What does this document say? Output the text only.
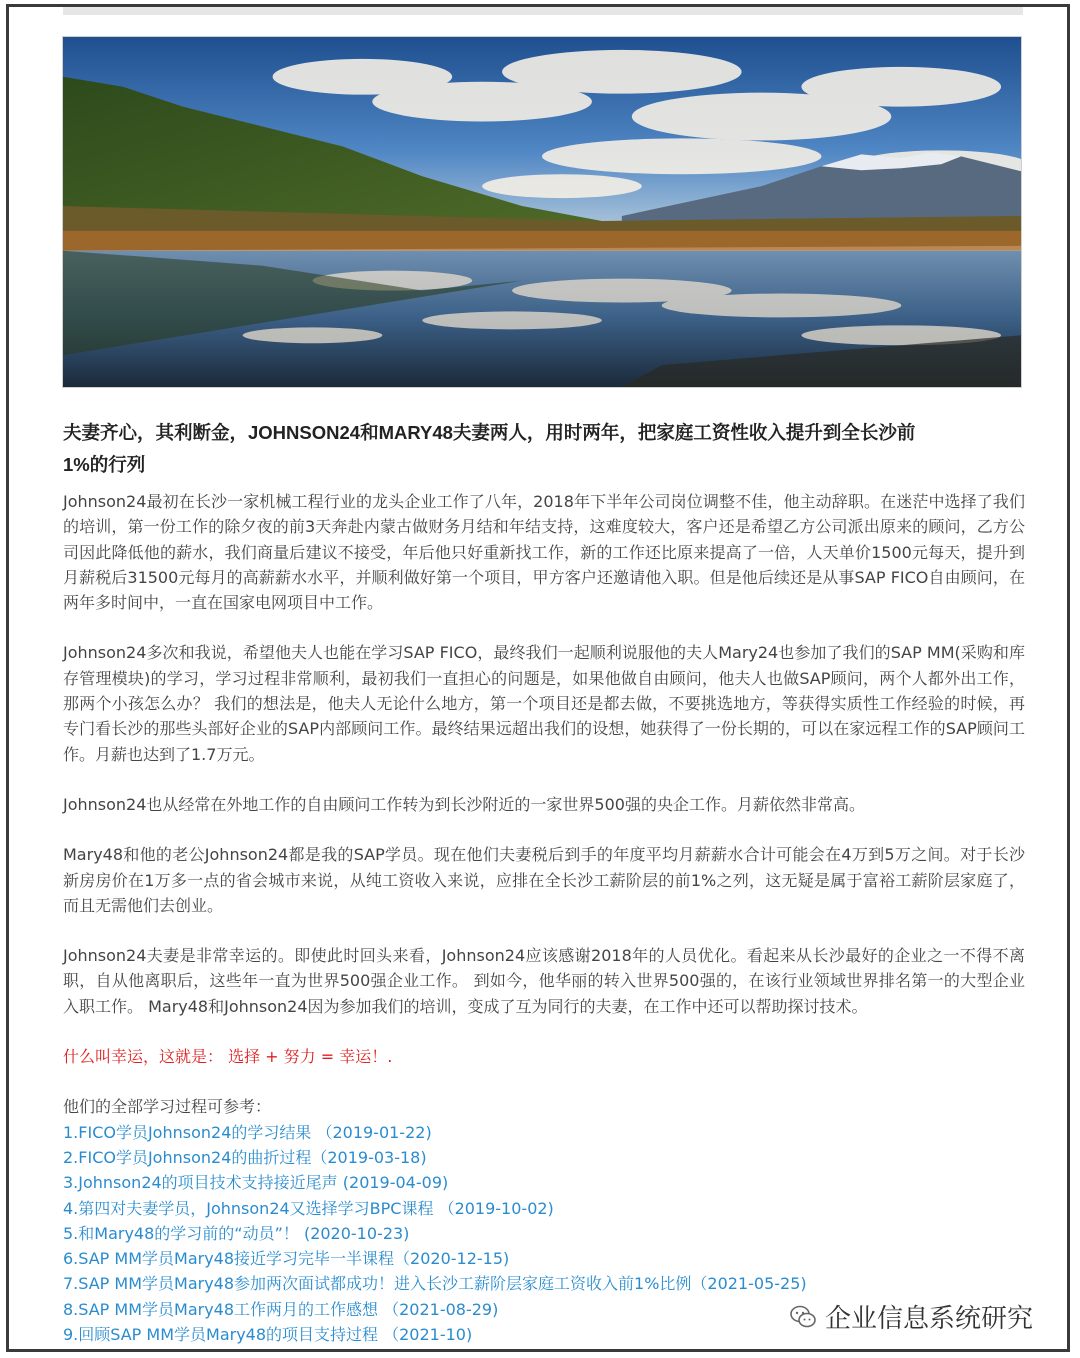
夫妻齐心，其利断金，JOHNSON24和MARY48夫妻两人，用时两年，把家庭工资性收入提升到全长沙前
1%的行列

Johnson24最初在长沙一家机械工程行业的龙头企业工作了八年，2018年下半年公司岗位调整不佳，他主动辞职。在迷茫中选择了我们的培训，第一份工作的除夕夜的前3天奔赴内蒙古做财务月结和年结支持，这难度较大，客户还是希望乙方公司派出原来的顾问，乙方公司因此降低他的薪水，我们商量后建议不接受，年后他只好重新找工作，新的工作还比原来提高了一倍，人天单价1500元每天，提升到月薪税后31500元每月的高薪薪水水平，并顺利做好第一个项目，甲方客户还邀请他入职。但是他后续还是从事SAP FICO自由顾问，在两年多时间中，一直在国家电网项目中工作。

Johnson24多次和我说，希望他夫人也能在学习SAP FICO，最终我们一起顺利说服他的夫人Mary24也参加了我们的SAP MM(采购和库存管理模块)的学习，学习过程非常顺利，最初我们一直担心的问题是，如果他做自由顾问，他夫人也做SAP顾问，两个人都外出工作，那两个小孩怎么办？ 我们的想法是，他夫人无论什么地方，第一个项目还是都去做，不要挑选地方，等获得实质性工作经验的时候，再专门看长沙的那些头部好企业的SAP内部顾问工作。最终结果远超出我们的设想，她获得了一份长期的，可以在家远程工作的SAP顾问工作。月薪也达到了1.7万元。

Johnson24也从经常在外地工作的自由顾问工作转为到长沙附近的一家世界500强的央企工作。月薪依然非常高。

Mary48和他的老公Johnson24都是我的SAP学员。现在他们夫妻税后到手的年度平均月薪薪水合计可能会在4万到5万之间。对于长沙新房房价在1万多一点的省会城市来说，从纯工资收入来说，应排在全长沙工薪阶层的前1%之列，这无疑是属于富裕工薪阶层家庭了，而且无需他们去创业。

Johnson24夫妻是非常幸运的。即使此时回头来看，Johnson24应该感谢2018年的人员优化。看起来从长沙最好的企业之一不得不离职，自从他离职后，这些年一直为世界500强企业工作。 到如今，他华丽的转入世界500强的，在该行业领域世界排名第一的大型企业入职工作。 Mary48和Johnson24因为参加我们的培训，变成了互为同行的夫妻，在工作中还可以帮助探讨技术。

什么叫幸运，这就是： 选择 + 努力 = 幸运！.

他们的全部学习过程可参考：

1.FICO学员Johnson24的学习结果 （2019-01-22)
2.FICO学员Johnson24的曲折过程（2019-03-18)
3.Johnson24的项目技术支持接近尾声 (2019-04-09)
4.第四对夫妻学员，Johnson24又选择学习BPC课程 （2019-10-02)
5.和Mary48的学习前的“动员”！ (2020-10-23)
6.SAP MM学员Mary48接近学习完毕一半课程（2020-12-15)
7.SAP MM学员Mary48参加两次面试都成功！进入长沙工薪阶层家庭工资收入前1%比例（2021-05-25)
8.SAP MM学员Mary48工作两月的工作感想 （2021-08-29)
9.回顾SAP MM学员Mary48的项目支持过程 （2021-10)
企业信息系统研究
